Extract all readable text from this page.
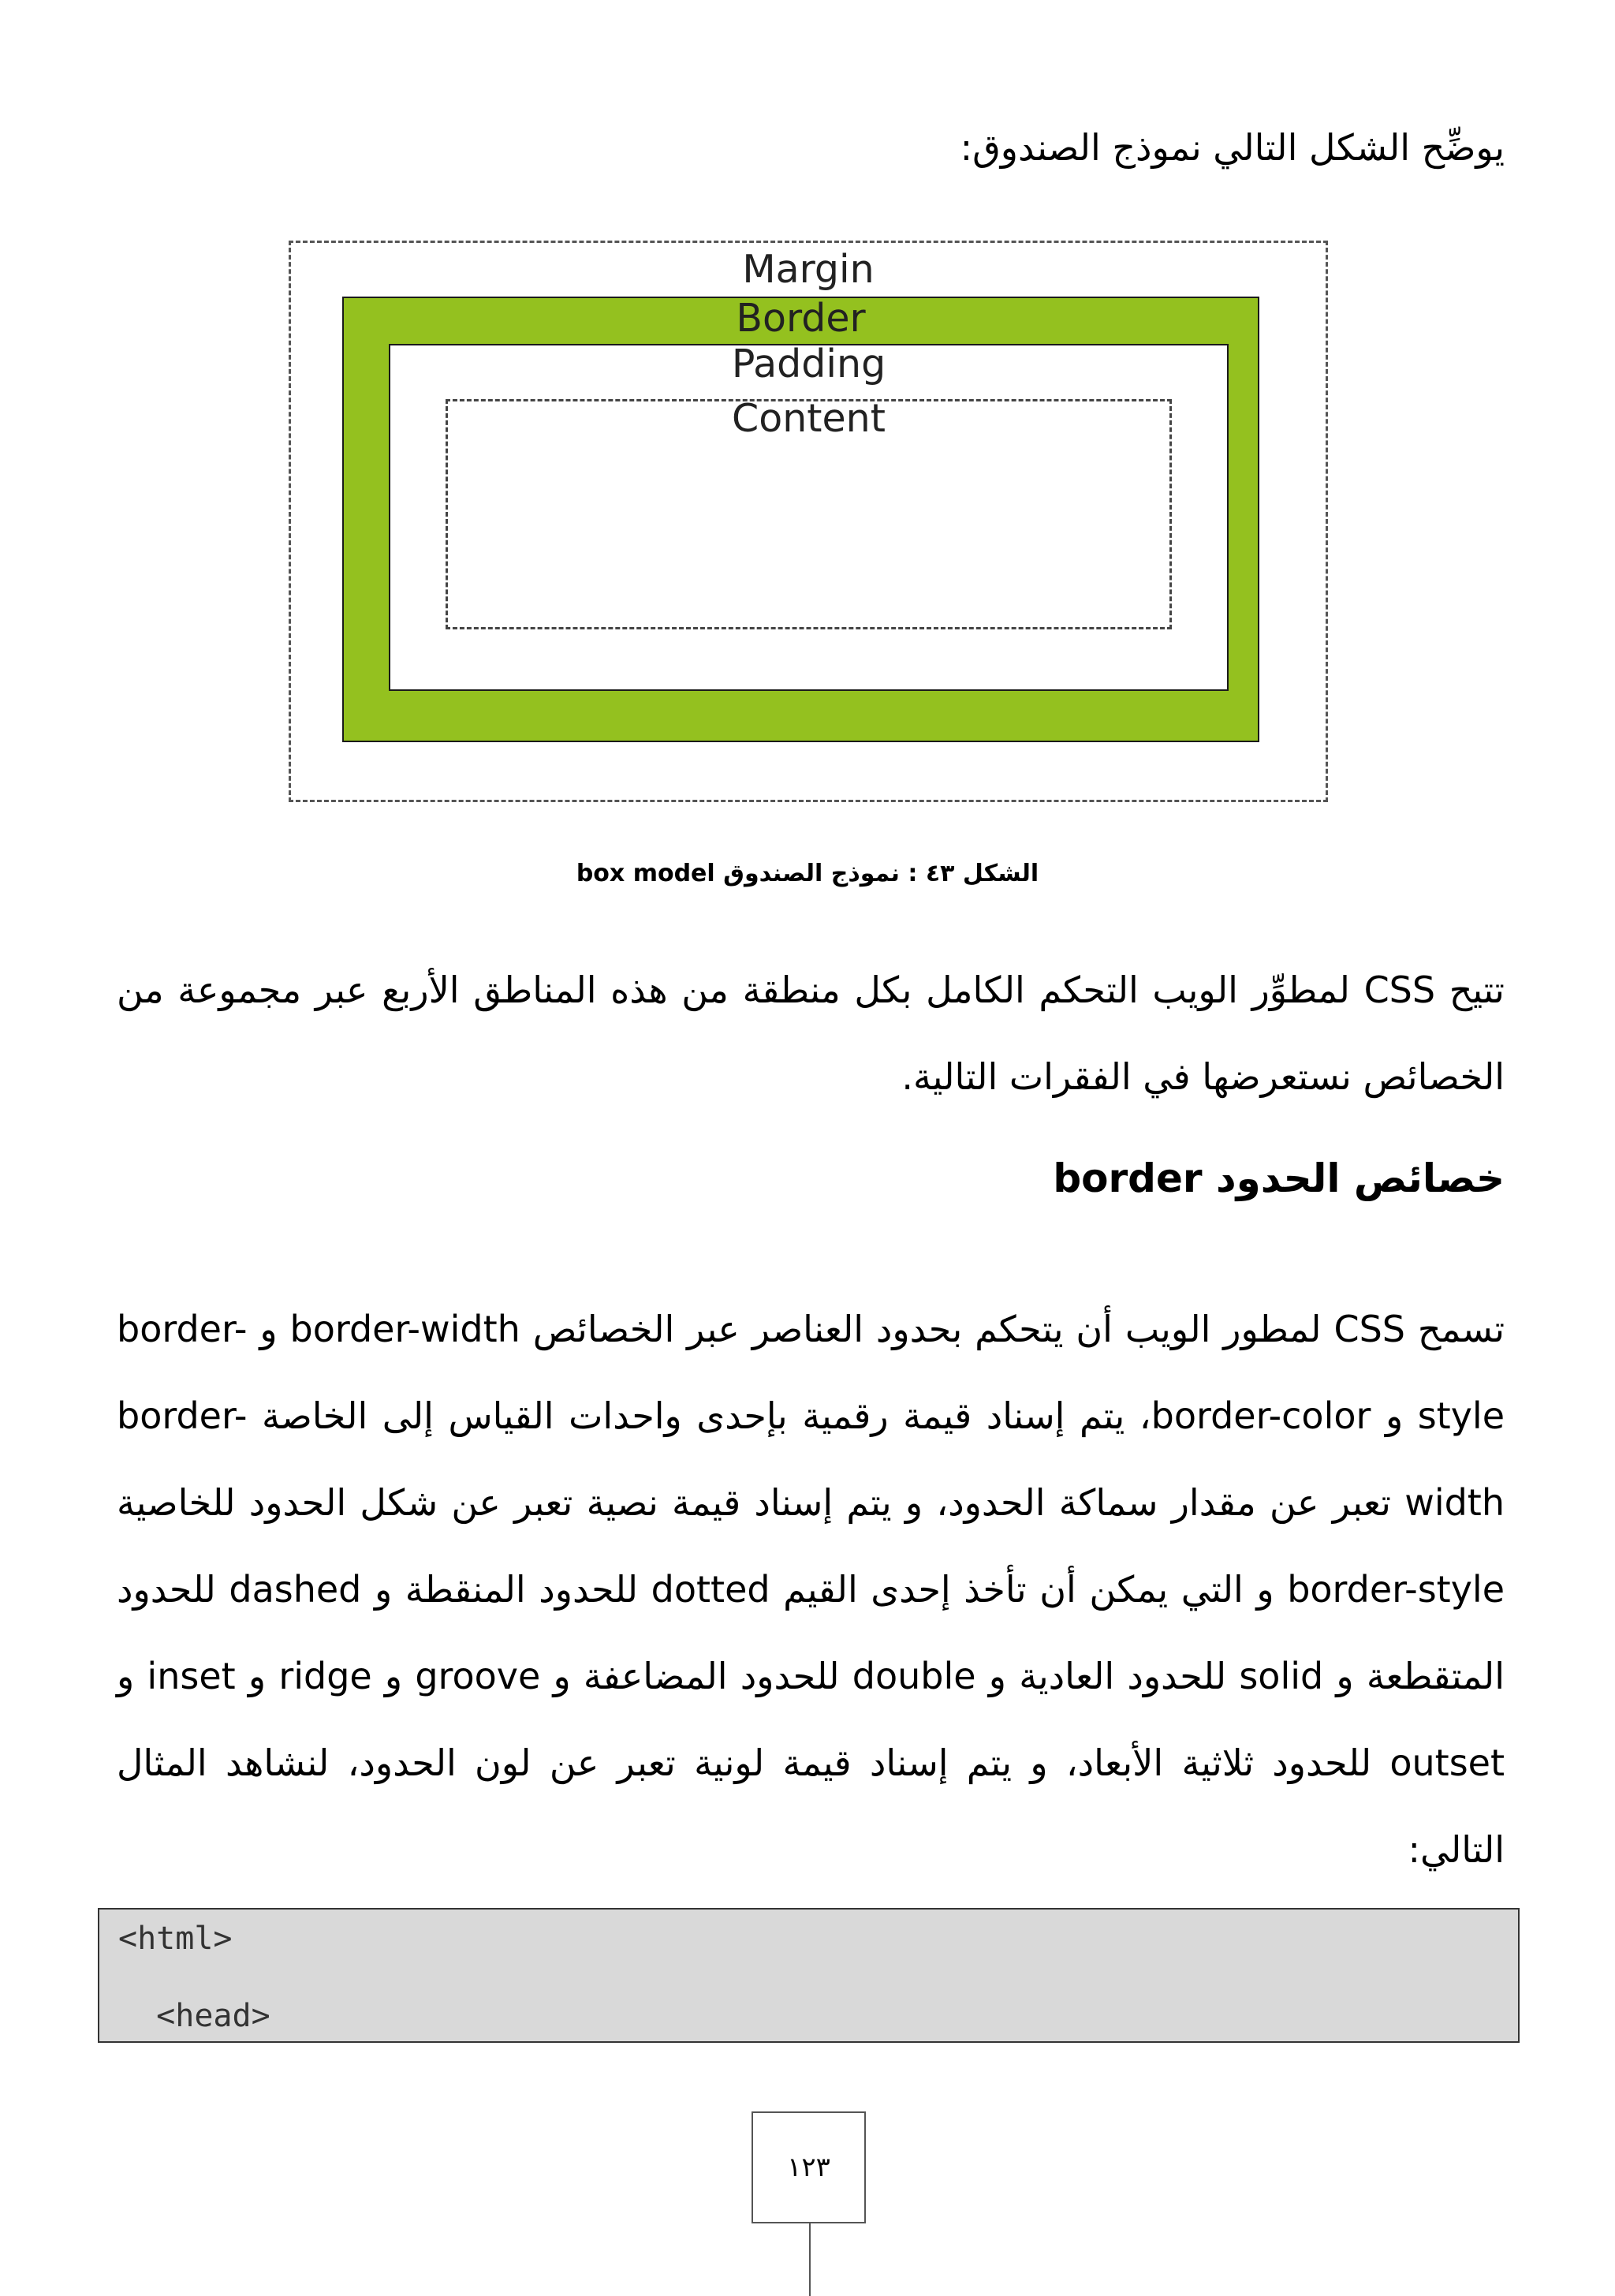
يوضِّح الشكل التالي نموذج الصندوق:

Margin
Border
Padding
Content
الشكل ٤٣ : نموذج الصندوق box model

تتيح CSS لمطوِّر الويب التحكم الكامل بكل منطقة من هذه المناطق الأربع عبر مجموعة من الخصائص نستعرضها في الفقرات التالية.

خصائص الحدود border

تسمح CSS لمطور الويب أن يتحكم بحدود العناصر عبر الخصائص border-width و border-style و border-color، يتم إسناد قيمة رقمية بإحدى واحدات القياس إلى الخاصة border-width تعبر عن مقدار سماكة الحدود، و يتم إسناد قيمة نصية تعبر عن شكل الحدود للخاصية border-style و التي يمكن أن تأخذ إحدى القيم dotted للحدود المنقطة و dashed للحدود المتقطعة و solid للحدود العادية و double للحدود المضاعفة و groove و ridge و inset و outset للحدود ثلاثية الأبعاد، و يتم إسناد قيمة لونية تعبر عن لون الحدود، لنشاهد المثال التالي:

<html>
<head>
١٢٣
